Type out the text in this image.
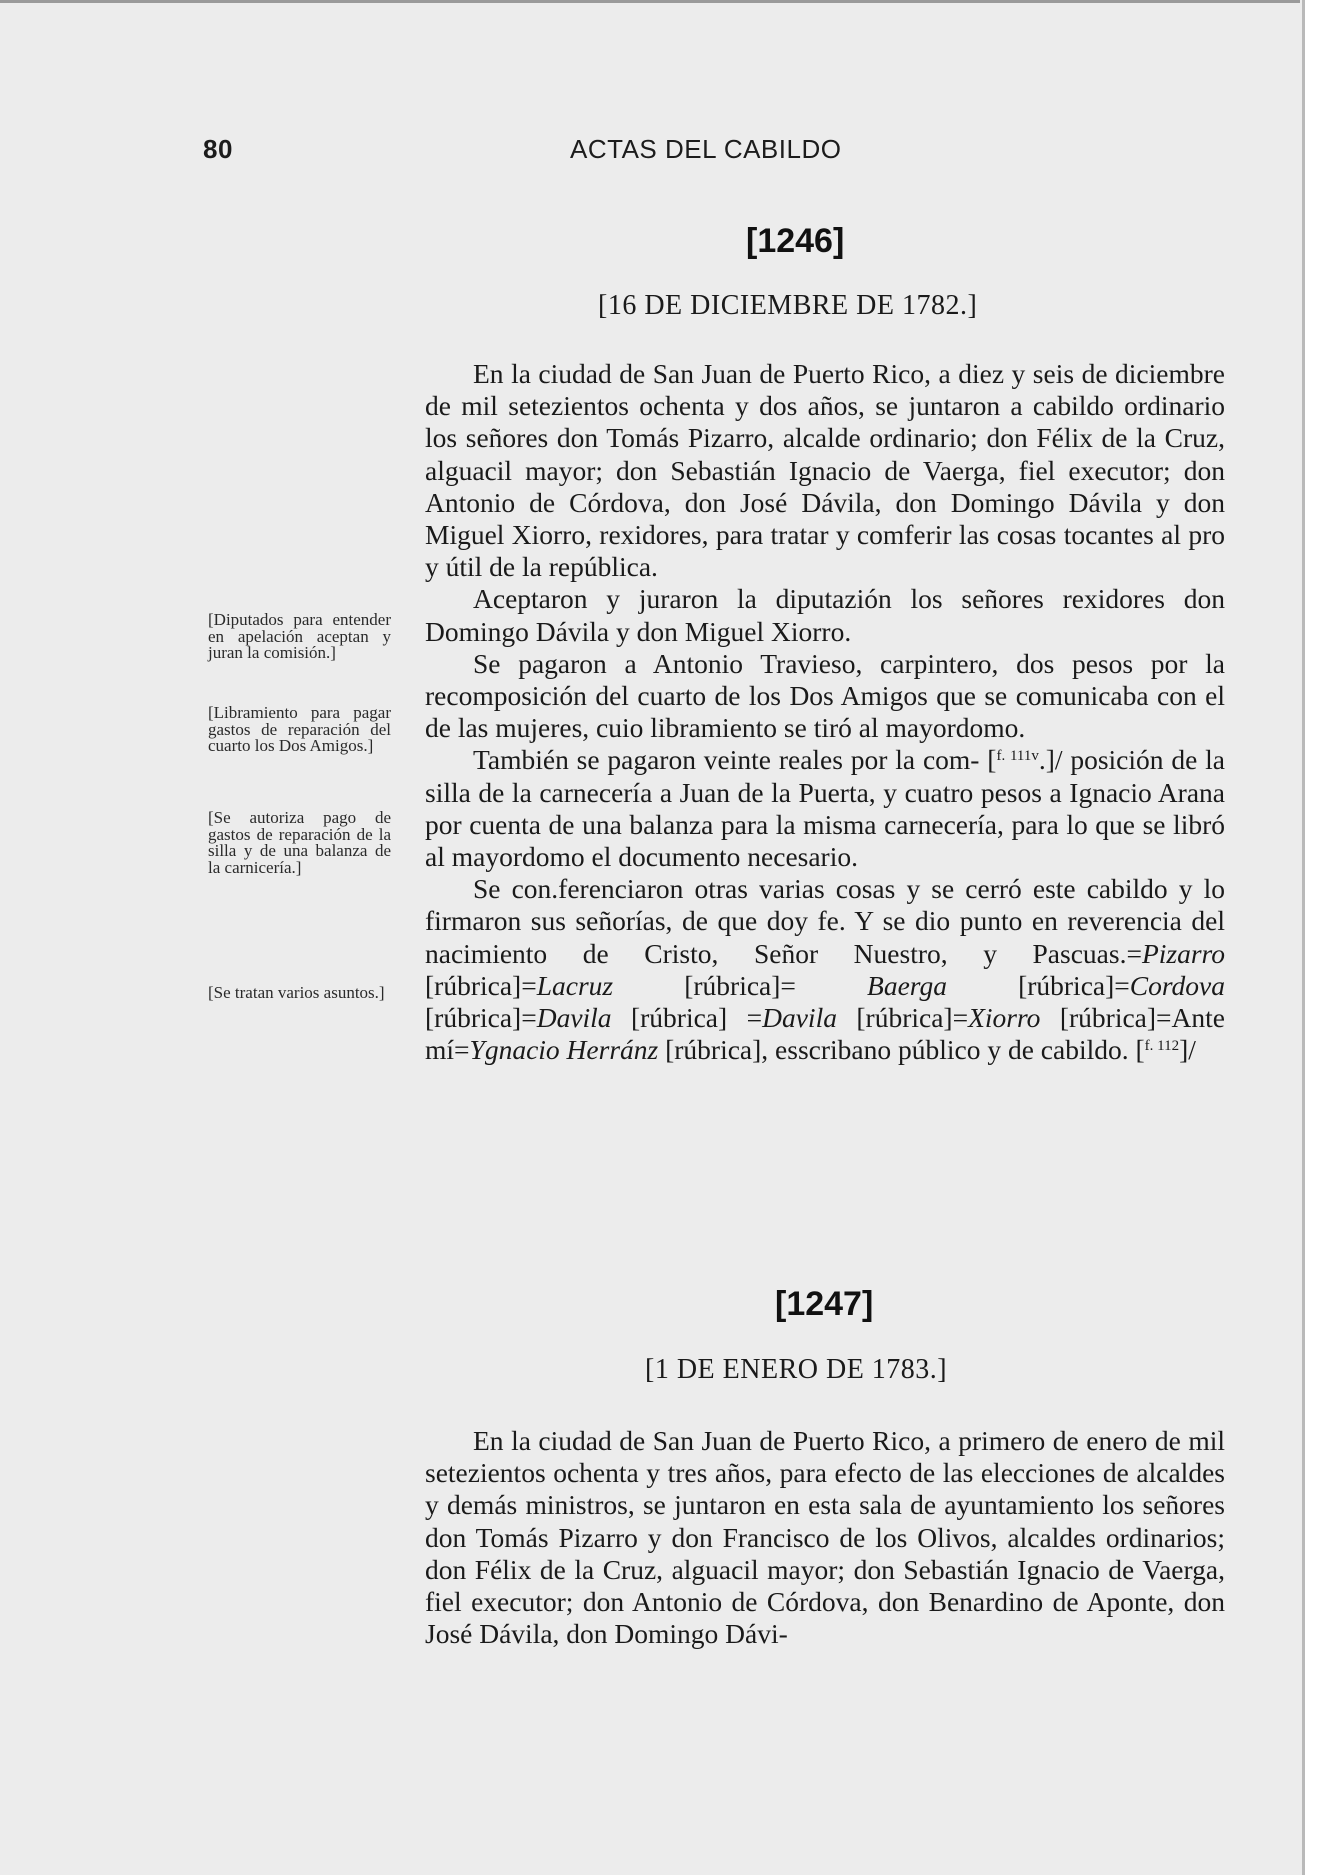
80	ACTAS DEL CABILDO
[1246]
[16 DE DICIEMBRE DE 1782.]

En la ciudad de San Juan de Puerto Rico, a diez y seis de diciembre de mil setezientos ochenta y dos años, se juntaron a cabildo ordinario los señores don Tomás Pizarro, alcalde ordinario; don Félix de la Cruz, alguacil mayor; don Sebastián Ignacio de Vaerga, fiel executor; don Antonio de Córdova, don José Dávila, don Domingo Dávila y don Miguel Xiorro, rexidores, para tratar y comferir las cosas tocantes al pro y útil de la república.

Aceptaron y juraron la diputazión los señores rexidores don Domingo Dávila y don Miguel Xiorro.

Se pagaron a Antonio Travieso, carpintero, dos pesos por la recomposición del cuarto de los Dos Amigos que se comunicaba con el de las mujeres, cuio libramiento se tiró al mayordomo.

También se pagaron veinte reales por la com- [$^{f. 111v}$.]/ posición de la silla de la carnecería a Juan de la Puerta, y cuatro pesos a Ignacio Arana por cuenta de una balanza para la misma carnecería, para lo que se libró al mayordomo el documento necesario.

Se con.ferenciaron otras varias cosas y se cerró este cabildo y lo firmaron sus señorías, de que doy fe. Y se dio punto en reverencia del nacimiento de Cristo, Señor Nuestro, y Pascuas.=Pizarro [rúbrica]=Lacruz	[rúbrica]= Baerga	[rúbrica]=Cordova [rúbrica]=Davila [rúbrica] =Davila [rúbrica]=Xiorro [rúbrica]=Ante mí=Ygnacio Herránz [rúbrica], esscribano público y de cabildo. [$^{f. 112}$]/

[1247]
[1 DE ENERO DE 1783.]

En la ciudad de San Juan de Puerto Rico, a primero de enero de mil setezientos ochenta y tres años, para efecto de las elecciones de alcaldes y demás ministros, se juntaron en esta sala de ayuntamiento los señores don Tomás Pizarro y don Francisco de los Olivos, alcaldes ordinarios; don Félix de la Cruz, alguacil mayor; don Sebastián Ignacio de Vaerga, fiel executor; don Antonio de Córdova, don Benardino de Aponte, don José Dávila, don Domingo Dávi-

[Diputados para entender en apelación aceptan y juran la comisión.]
[Libramiento para pagar gastos de reparación del cuarto los Dos Amigos.]
[Se autoriza pago de gastos de reparación de la silla y de una balanza de la carnicería.]
[Se tratan varios asuntos.]
